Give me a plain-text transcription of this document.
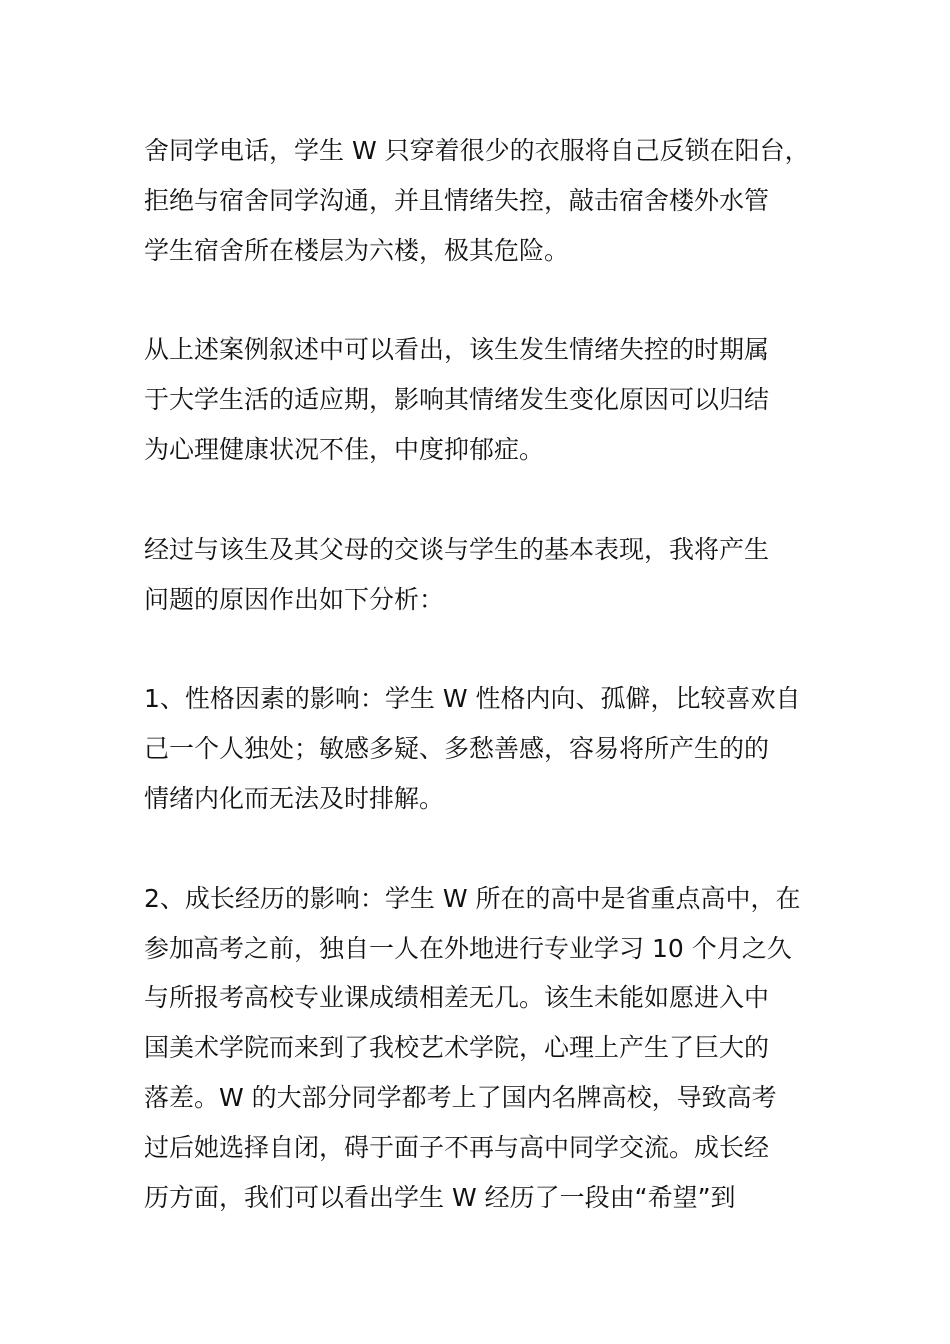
舍同学电话，学生 W 只穿着很少的衣服将自己反锁在阳台，
拒绝与宿舍同学沟通，并且情绪失控，敲击宿舍楼外水管
学生宿舍所在楼层为六楼，极其危险。

从上述案例叙述中可以看出，该生发生情绪失控的时期属
于大学生活的适应期，影响其情绪发生变化原因可以归结
为心理健康状况不佳，中度抑郁症。

经过与该生及其父母的交谈与学生的基本表现，我将产生
问题的原因作出如下分析：

1、性格因素的影响：学生 W 性格内向、孤僻，比较喜欢自
己一个人独处；敏感多疑、多愁善感，容易将所产生的的
情绪内化而无法及时排解。

2、成长经历的影响：学生 W 所在的高中是省重点高中，在
参加高考之前，独自一人在外地进行专业学习 10 个月之久
与所报考高校专业课成绩相差无几。该生未能如愿进入中
国美术学院而来到了我校艺术学院，心理上产生了巨大的
落差。W 的大部分同学都考上了国内名牌高校，导致高考
过后她选择自闭，碍于面子不再与高中同学交流。成长经
历方面，我们可以看出学生 W 经历了一段由“希望”到
